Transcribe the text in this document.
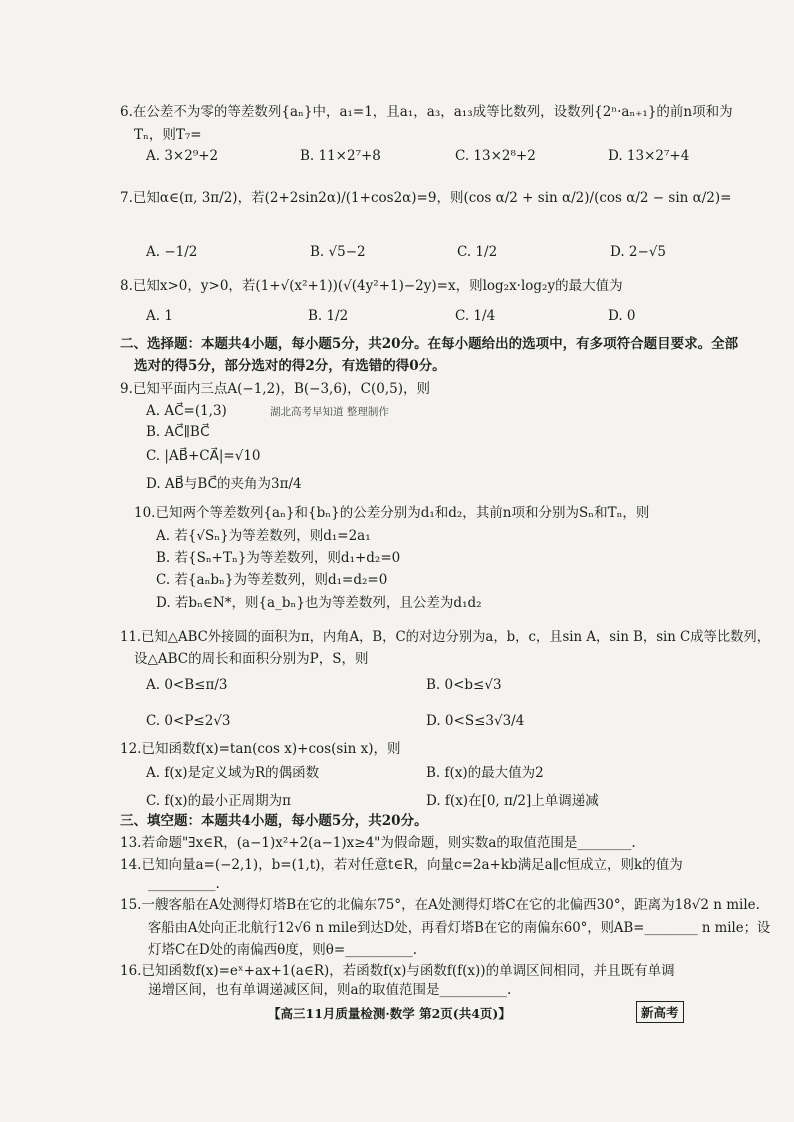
6.在公差不为零的等差数列{aₙ}中，a₁=1，且a₁，a₃，a₁₃成等比数列，设数列{2ⁿ·aₙ₊₁}的前n项和为
Tₙ，则T₇=
A. 3×2⁹+2	B. 11×2⁷+8	C. 13×2⁸+2	D. 13×2⁷+4
7.已知α∈(π, 3π/2)，若(2+2sin2α)/(1+cos2α)=9，则(cos α/2 + sin α/2)/(cos α/2 − sin α/2)=
A. −1/2	B. √5−2	C. 1/2	D. 2−√5
8.已知x>0，y>0，若(1+√(x²+1))(√(4y²+1)−2y)=x，则log₂x·log₂y的最大值为
A. 1	B. 1/2	C. 1/4	D. 0
二、选择题：本题共4小题，每小题5分，共20分。在每小题给出的选项中，有多项符合题目要求。全部
选对的得5分，部分选对的得2分，有选错的得0分。
9.已知平面内三点A(−1,2)，B(−3,6)，C(0,5)，则
A. AC⃗=(1,3)	湖北高考早知道 整理制作
B. AC⃗∥BC⃗
C. |AB⃗+CA⃗|=√10
D. AB⃗与BC⃗的夹角为3π/4
10.已知两个等差数列{aₙ}和{bₙ}的公差分别为d₁和d₂，其前n项和分别为Sₙ和Tₙ，则
A. 若{√Sₙ}为等差数列，则d₁=2a₁
B. 若{Sₙ+Tₙ}为等差数列，则d₁+d₂=0
C. 若{aₙbₙ}为等差数列，则d₁=d₂=0
D. 若bₙ∈N*，则{a_bₙ}也为等差数列，且公差为d₁d₂
11.已知△ABC外接圆的面积为π，内角A，B，C的对边分别为a，b，c，且sin A，sin B，sin C成等比数列，
设△ABC的周长和面积分别为P，S，则
A. 0<B≤π/3	B. 0<b≤√3
C. 0<P≤2√3	D. 0<S≤3√3/4
12.已知函数f(x)=tan(cos x)+cos(sin x)，则
A. f(x)是定义域为R的偶函数	B. f(x)的最大值为2
C. f(x)的最小正周期为π	D. f(x)在[0, π/2]上单调递减
三、填空题：本题共4小题，每小题5分，共20分。
13.若命题"∃x∈R，(a−1)x²+2(a−1)x≥4"为假命题，则实数a的取值范围是________.
14.已知向量a=(−2,1)，b=(1,t)，若对任意t∈R，向量c=2a+kb满足a∥c恒成立，则k的值为
__________.
15.一艘客船在A处测得灯塔B在它的北偏东75°，在A处测得灯塔C在它的北偏西30°，距离为18√2 n mile.
客船由A处向正北航行12√6 n mile到达D处，再看灯塔B在它的南偏东60°，则AB=________ n mile；设
灯塔C在D处的南偏西θ度，则θ=__________.
16.已知函数f(x)=eˣ+ax+1(a∈R)，若函数f(x)与函数f(f(x))的单调区间相同，并且既有单调
递增区间，也有单调递减区间，则a的取值范围是__________.
【高三11月质量检测·数学 第2页(共4页)】	新高考
